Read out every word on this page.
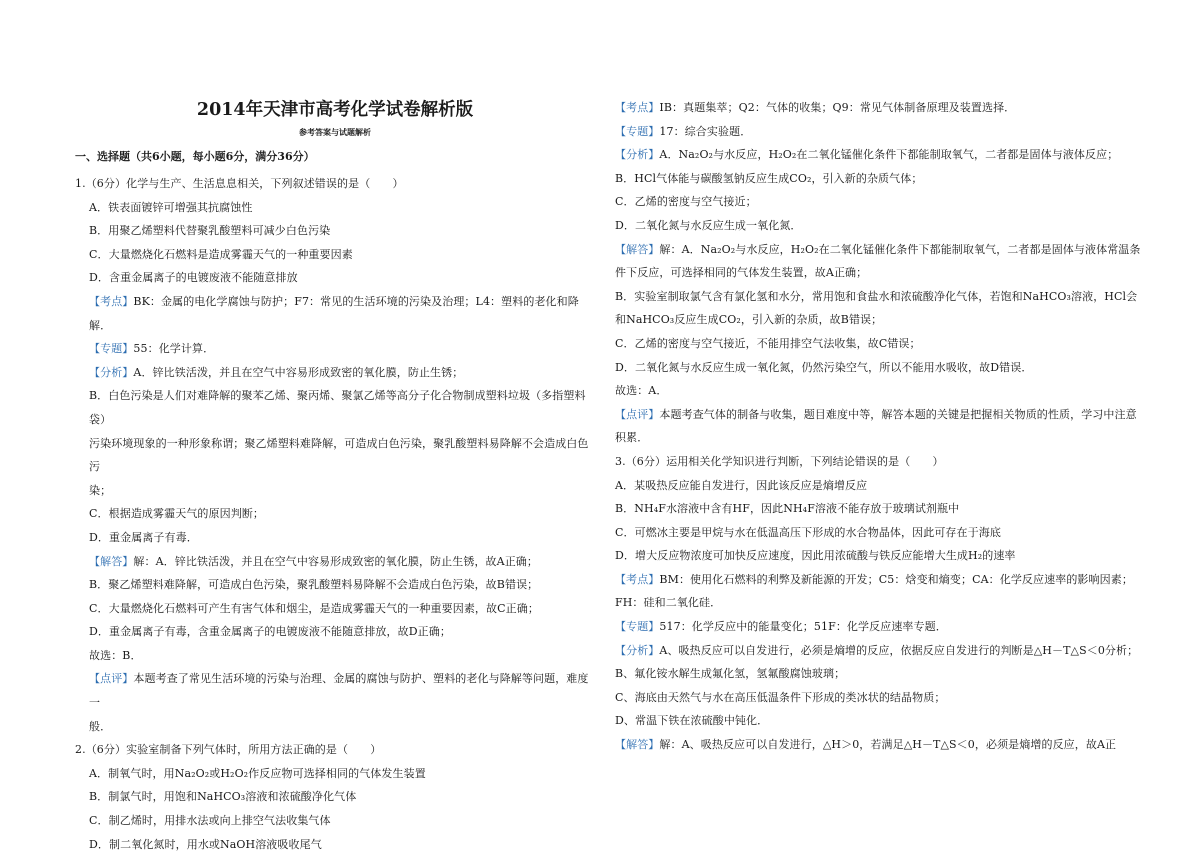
2014年天津市高考化学试卷解析版
参考答案与试题解析
一、选择题（共6小题，每小题6分，满分36分）
1.（6分）化学与生产、生活息息相关，下列叙述错误的是（　　）
A．铁表面镀锌可增强其抗腐蚀性
B．用聚乙烯塑料代替聚乳酸塑料可减少白色污染
C．大量燃烧化石燃料是造成雾霾天气的一种重要因素
D．含重金属离子的电镀废液不能随意排放
【考点】BK：金属的电化学腐蚀与防护；F7：常见的生活环境的污染及治理；L4：塑料的老化和降解．
【专题】55：化学计算．
【分析】A．锌比铁活泼，并且在空气中容易形成致密的氧化膜，防止生锈；
B．白色污染是人们对难降解的聚苯乙烯、聚丙烯、聚氯乙烯等高分子化合物制成塑料垃圾（多指塑料袋）
污染环境现象的一种形象称谓；聚乙烯塑料难降解，可造成白色污染，聚乳酸塑料易降解不会造成白色污
染；
C．根据造成雾霾天气的原因判断；
D．重金属离子有毒．
【解答】解：A．锌比铁活泼，并且在空气中容易形成致密的氧化膜，防止生锈，故A正确；
B．聚乙烯塑料难降解，可造成白色污染，聚乳酸塑料易降解不会造成白色污染，故B错误；
C．大量燃烧化石燃料可产生有害气体和烟尘，是造成雾霾天气的一种重要因素，故C正确；
D．重金属离子有毒，含重金属离子的电镀废液不能随意排放，故D正确；
故选：B．
【点评】本题考查了常见生活环境的污染与治理、金属的腐蚀与防护、塑料的老化与降解等问题，难度一
般．
2.（6分）实验室制备下列气体时，所用方法正确的是（　　）
A．制氧气时，用Na₂O₂或H₂O₂作反应物可选择相同的气体发生装置
B．制氯气时，用饱和NaHCO₃溶液和浓硫酸净化气体
C．制乙烯时，用排水法或向上排空气法收集气体
D．制二氧化氮时，用水或NaOH溶液吸收尾气
【考点】IB：真题集萃；Q2：气体的收集；Q9：常见气体制备原理及装置选择．
【专题】17：综合实验题．
【分析】A．Na₂O₂与水反应，H₂O₂在二氧化锰催化条件下都能制取氧气，二者都是固体与液体反应；
B．HCl气体能与碳酸氢钠反应生成CO₂，引入新的杂质气体；
C．乙烯的密度与空气接近；
D．二氧化氮与水反应生成一氧化氮．
【解答】解：A．Na₂O₂与水反应，H₂O₂在二氧化锰催化条件下都能制取氧气，二者都是固体与液体常温条
件下反应，可选择相同的气体发生装置，故A正确；
B．实验室制取氯气含有氯化氢和水分，常用饱和食盐水和浓硫酸净化气体，若饱和NaHCO₃溶液，HCl会
和NaHCO₃反应生成CO₂，引入新的杂质，故B错误；
C．乙烯的密度与空气接近，不能用排空气法收集，故C错误；
D．二氧化氮与水反应生成一氧化氮，仍然污染空气，所以不能用水吸收，故D错误．
故选：A．
【点评】本题考查气体的制备与收集，题目难度中等，解答本题的关键是把握相关物质的性质，学习中注意
积累．
3.（6分）运用相关化学知识进行判断，下列结论错误的是（　　）
A．某吸热反应能自发进行，因此该反应是熵增反应
B．NH₄F水溶液中含有HF，因此NH₄F溶液不能存放于玻璃试剂瓶中
C．可燃冰主要是甲烷与水在低温高压下形成的水合物晶体，因此可存在于海底
D．增大反应物浓度可加快反应速度，因此用浓硫酸与铁反应能增大生成H₂的速率
【考点】BM：使用化石燃料的利弊及新能源的开发；C5：焓变和熵变；CA：化学反应速率的影响因素；
FH：硅和二氧化硅．
【专题】517：化学反应中的能量变化；51F：化学反应速率专题．
【分析】A、吸热反应可以自发进行，必须是熵增的反应，依据反应自发进行的判断是△H－T△S＜0分析；
B、氟化铵水解生成氟化氢，氢氟酸腐蚀玻璃；
C、海底由天然气与水在高压低温条件下形成的类冰状的结晶物质；
D、常温下铁在浓硫酸中钝化．
【解答】解：A、吸热反应可以自发进行，△H＞0，若满足△H－T△S＜0，必须是熵增的反应，故A正
